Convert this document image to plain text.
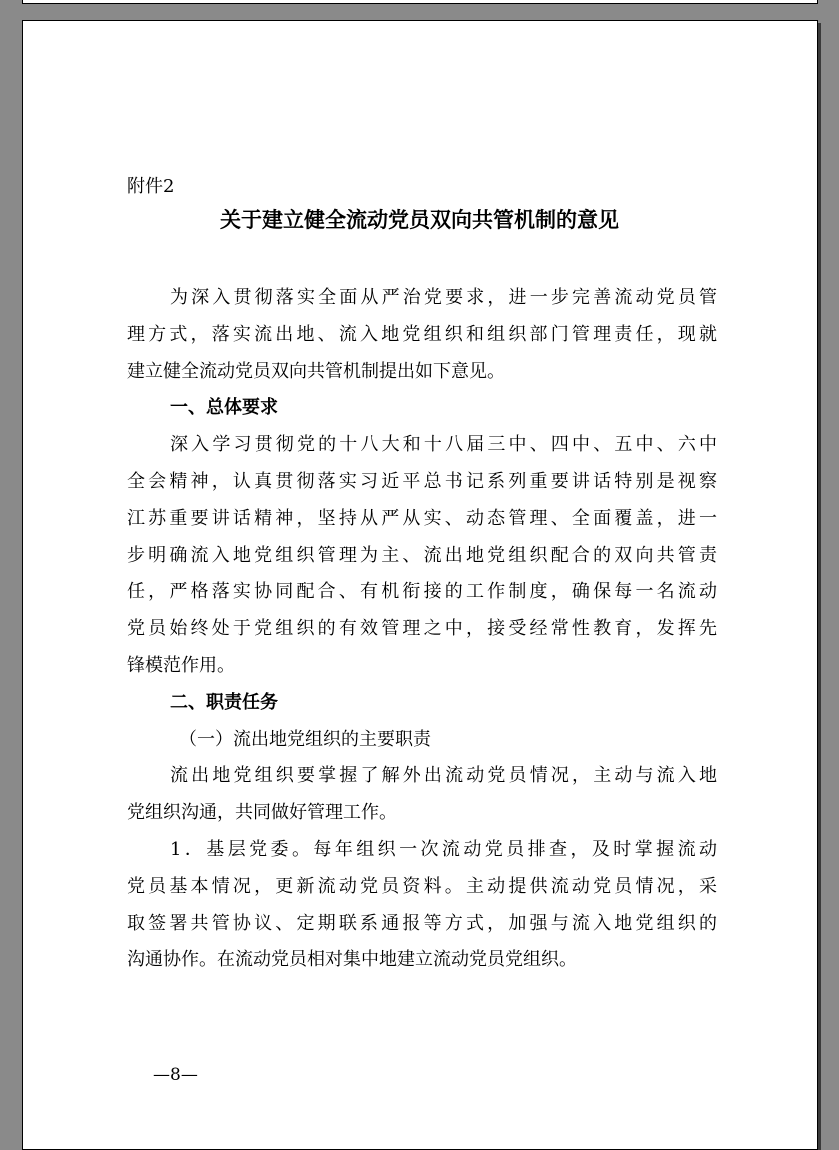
附件2
关于建立健全流动党员双向共管机制的意见
为深入贯彻落实全面从严治党要求，进一步完善流动党员管
理方式，落实流出地、流入地党组织和组织部门管理责任，现就
建立健全流动党员双向共管机制提出如下意见。
一、总体要求
深入学习贯彻党的十八大和十八届三中、四中、五中、六中
全会精神，认真贯彻落实习近平总书记系列重要讲话特别是视察
江苏重要讲话精神，坚持从严从实、动态管理、全面覆盖，进一
步明确流入地党组织管理为主、流出地党组织配合的双向共管责
任，严格落实协同配合、有机衔接的工作制度，确保每一名流动
党员始终处于党组织的有效管理之中，接受经常性教育，发挥先
锋模范作用。
二、职责任务
（一）流出地党组织的主要职责
流出地党组织要掌握了解外出流动党员情况，主动与流入地
党组织沟通，共同做好管理工作。
1．基层党委。每年组织一次流动党员排查，及时掌握流动
党员基本情况，更新流动党员资料。主动提供流动党员情况，采
取签署共管协议、定期联系通报等方式，加强与流入地党组织的
沟通协作。在流动党员相对集中地建立流动党员党组织。
—8—
